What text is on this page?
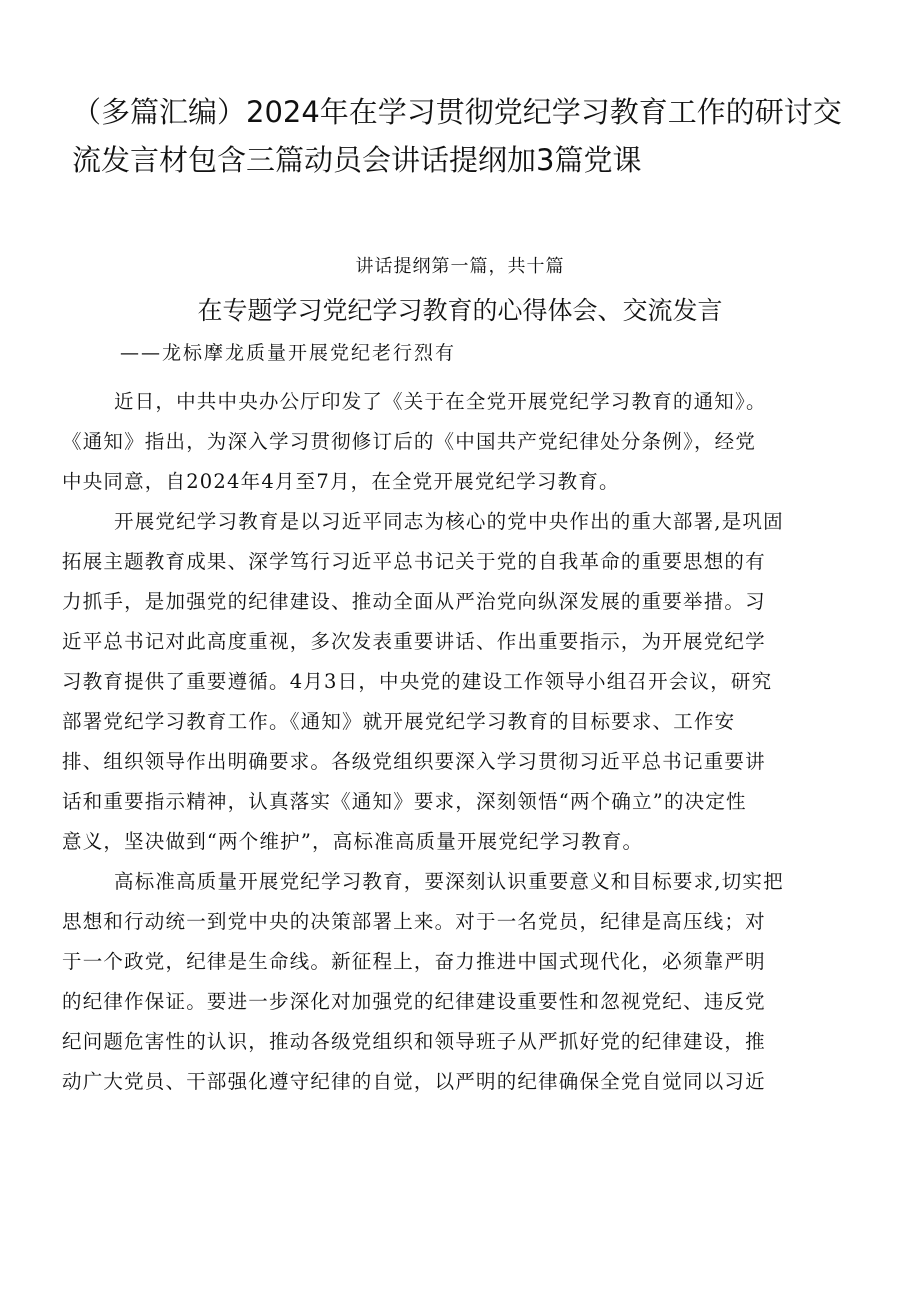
（多篇汇编）2024年在学习贯彻党纪学习教育工作的研讨交
流发言材包含三篇动员会讲话提纲加3篇党课
讲话提纲第一篇，共十篇
在专题学习党纪学习教育的心得体会、交流发言
——龙标摩龙质量开展党纪老行烈有
近日，中共中央办公厅印发了《关于在全党开展党纪学习教育的通知》。
《通知》指出，为深入学习贯彻修订后的《中国共产党纪律处分条例》，经党
中央同意，自2024年4月至7月，在全党开展党纪学习教育。
开展党纪学习教育是以习近平同志为核心的党中央作出的重大部署,是巩固
拓展主题教育成果、深学笃行习近平总书记关于党的自我革命的重要思想的有
力抓手，是加强党的纪律建设、推动全面从严治党向纵深发展的重要举措。习
近平总书记对此高度重视，多次发表重要讲话、作出重要指示，为开展党纪学
习教育提供了重要遵循。4月3日，中央党的建设工作领导小组召开会议，研究
部署党纪学习教育工作。《通知》就开展党纪学习教育的目标要求、工作安
排、组织领导作出明确要求。各级党组织要深入学习贯彻习近平总书记重要讲
话和重要指示精神，认真落实《通知》要求，深刻领悟“两个确立”的决定性
意义，坚决做到“两个维护”，高标准高质量开展党纪学习教育。
高标准高质量开展党纪学习教育，要深刻认识重要意义和目标要求,切实把
思想和行动统一到党中央的决策部署上来。对于一名党员，纪律是高压线；对
于一个政党，纪律是生命线。新征程上，奋力推进中国式现代化，必须靠严明
的纪律作保证。要进一步深化对加强党的纪律建设重要性和忽视党纪、违反党
纪问题危害性的认识，推动各级党组织和领导班子从严抓好党的纪律建设，推
动广大党员、干部强化遵守纪律的自觉，以严明的纪律确保全党自觉同以习近
